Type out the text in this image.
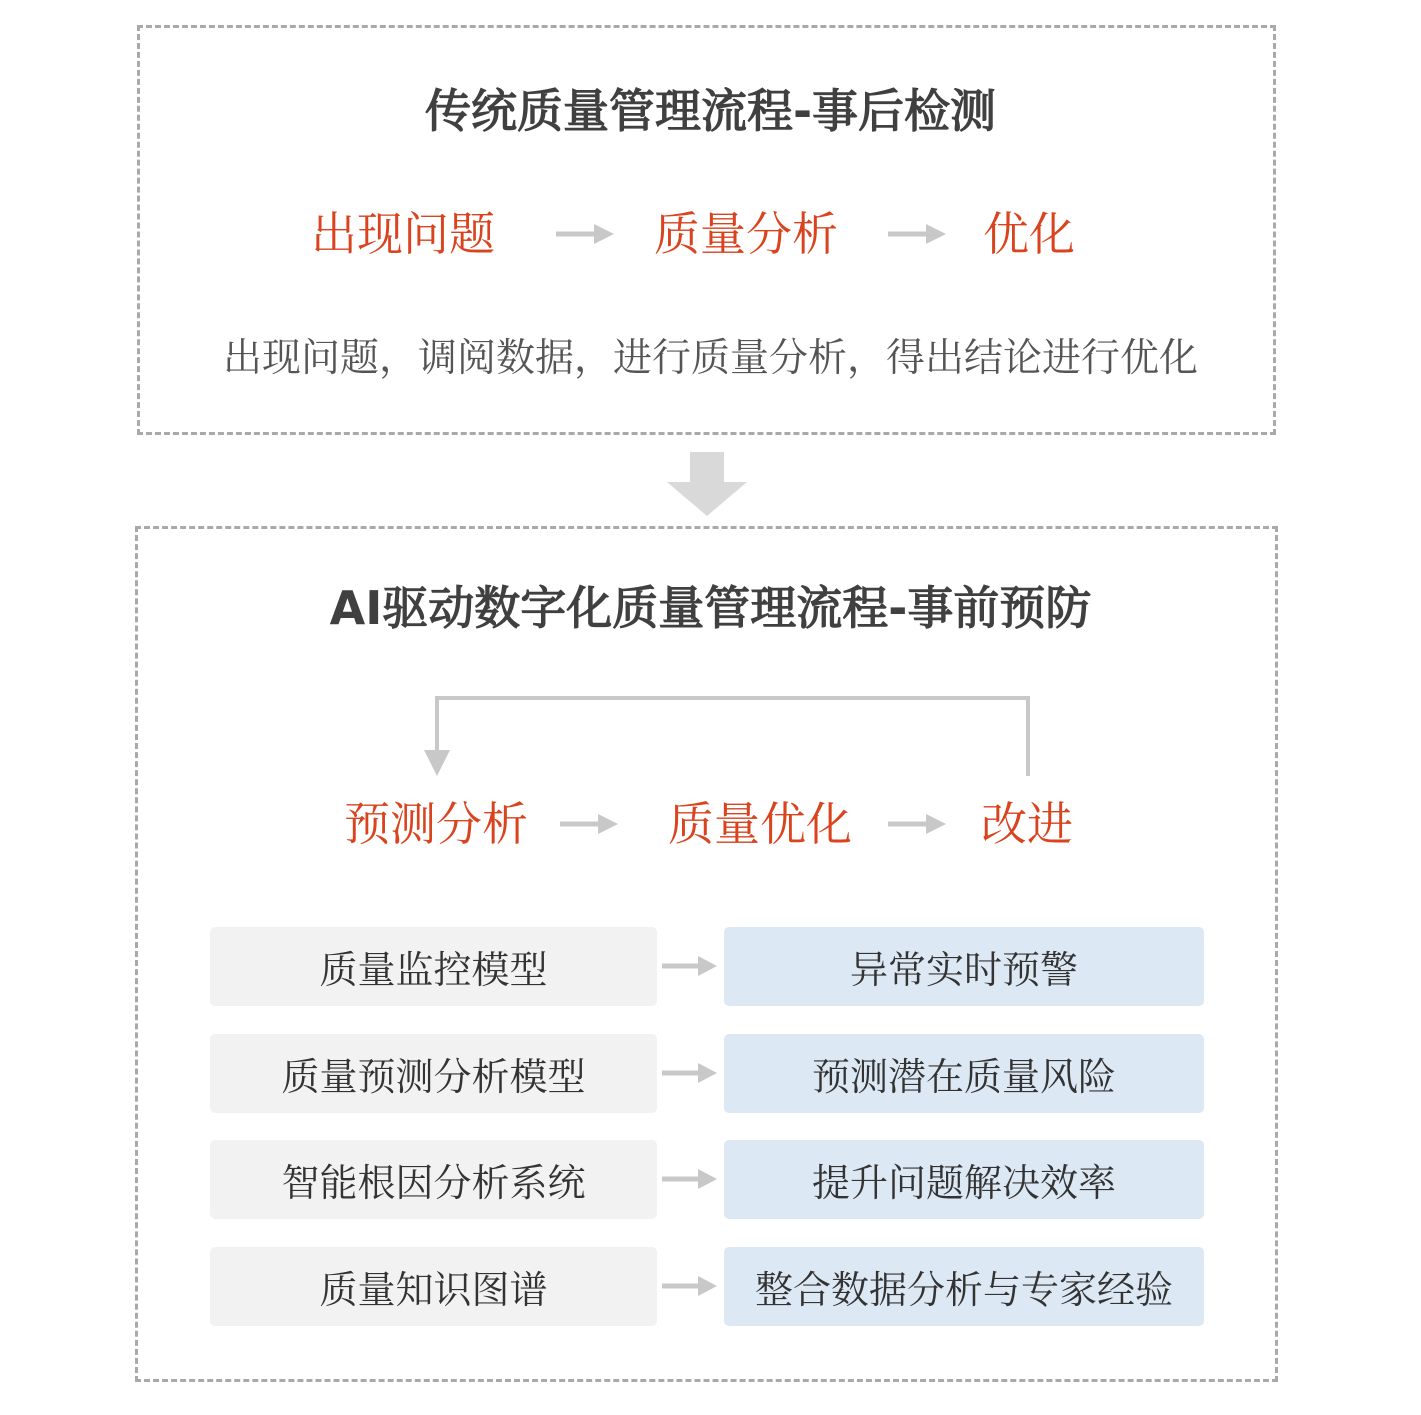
传统质量管理流程-事后检测
出现问题	质量分析	优化
出现问题，调阅数据，进行质量分析，得出结论进行优化
AI驱动数字化质量管理流程-事前预防
预测分析	质量优化	改进
质量监控模型	异常实时预警
质量预测分析模型	预测潜在质量风险
智能根因分析系统	提升问题解决效率
质量知识图谱	整合数据分析与专家经验
